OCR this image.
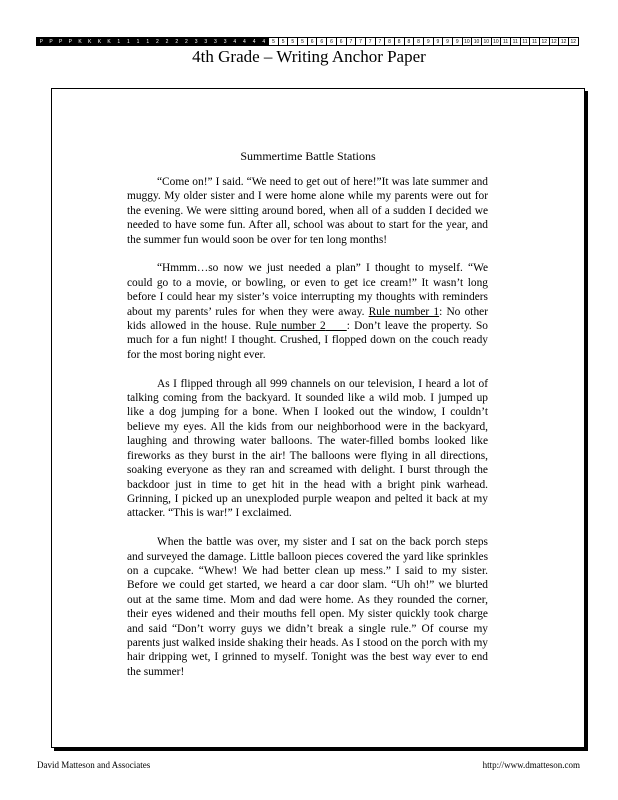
P	P	P	P	K	K	K	K	1	1	1	1	2	2	2	2	3	3	3	3	4	4	4	4	5	5	5	5	6	6	6	6	7	7	7	7	8	8	8	8	9	9	9	9	10 10 10 10 11 11 11 11 12 12 12 12
4th Grade – Writing Anchor Paper
Summertime Battle Stations

“Come on!” I said. “We need to get out of here!”It was late summer and muggy. My older sister and I were home alone while my parents were out for the evening. We were sitting around bored, when all of a sudden I decided we needed to have some fun. After all, school was about to start for the year, and the summer fun would soon be over for ten long months!

“Hmmm…so now we just needed a plan” I thought to myself. “We could go to a movie, or bowling, or even to get ice cream!” It wasn’t long before I could hear my sister’s voice interrupting my thoughts with reminders about my parents’ rules for when they were away. Rule number 1: No other kids allowed in the house. Rule number 2 : Don’t leave the property. So much for a fun night! I thought. Crushed, I flopped down on the couch ready for the most boring night ever.

As I flipped through all 999 channels on our television, I heard a lot of talking coming from the backyard. It sounded like a wild mob. I jumped up like a dog jumping for a bone. When I looked out the window, I couldn’t believe my eyes. All the kids from our neighborhood were in the backyard, laughing and throwing water balloons. The water-filled bombs looked like fireworks as they burst in the air! The balloons were flying in all directions, soaking everyone as they ran and screamed with delight. I burst through the backdoor just in time to get hit in the head with a bright pink warhead. Grinning, I picked up an unexploded purple weapon and pelted it back at my attacker. “This is war!” I exclaimed.

When the battle was over, my sister and I sat on the back porch steps and surveyed the damage. Little balloon pieces covered the yard like sprinkles on a cupcake. “Whew! We had better clean up mess.” I said to my sister. Before we could get started, we heard a car door slam. “Uh oh!” we blurted out at the same time. Mom and dad were home. As they rounded the corner, their eyes widened and their mouths fell open. My sister quickly took charge and said “Don’t worry guys we didn’t break a single rule.” Of course my parents just walked inside shaking their heads. As I stood on the porch with my hair dripping wet, I grinned to myself. Tonight was the best way ever to end the summer!

David Matteson and Associates	http://www.dmatteson.com
